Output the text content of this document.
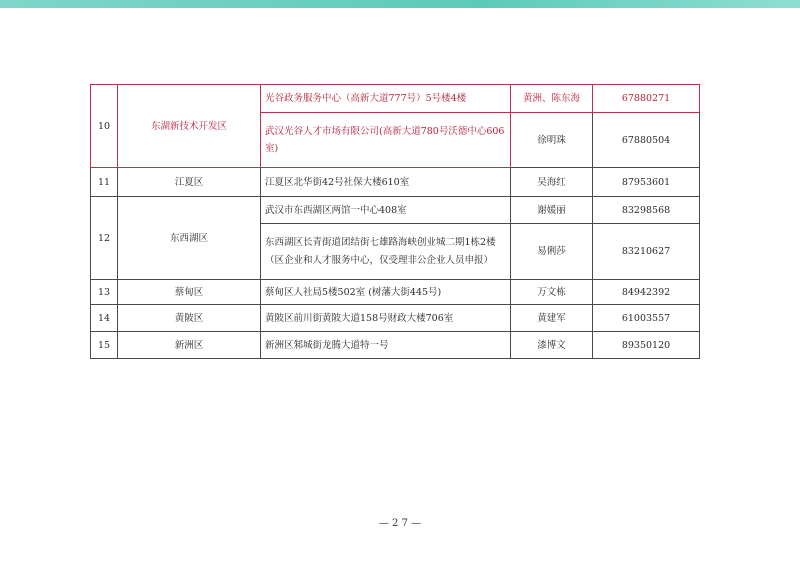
10	东湖新技术开发区	光谷政务服务中心（高新大道777号）5号楼4楼	黄洲、陈东海	67880271
		武汉光谷人才市场有限公司(高新大道780号沃德中心606室)	徐明珠	67880504
11	江夏区	江夏区北华街42号社保大楼610室	吴海红	87953601
12	东西湖区	武汉市东西湖区两馆一中心408室	谢媛丽	83298568
		东西湖区长青街道团结街七雄路海峡创业城二期1栋2楼（区企业和人才服务中心，仅受理非公企业人员申报）	易俐莎	83210627
13	蔡甸区	蔡甸区人社局5楼502室 (树藩大街445号)	万文栋	84942392
14	黄陂区	黄陂区前川街黄陂大道158号财政大楼706室	黄建军	61003557
15	新洲区	新洲区邾城街龙腾大道特一号	漆博文	89350120
— 2 7 —
